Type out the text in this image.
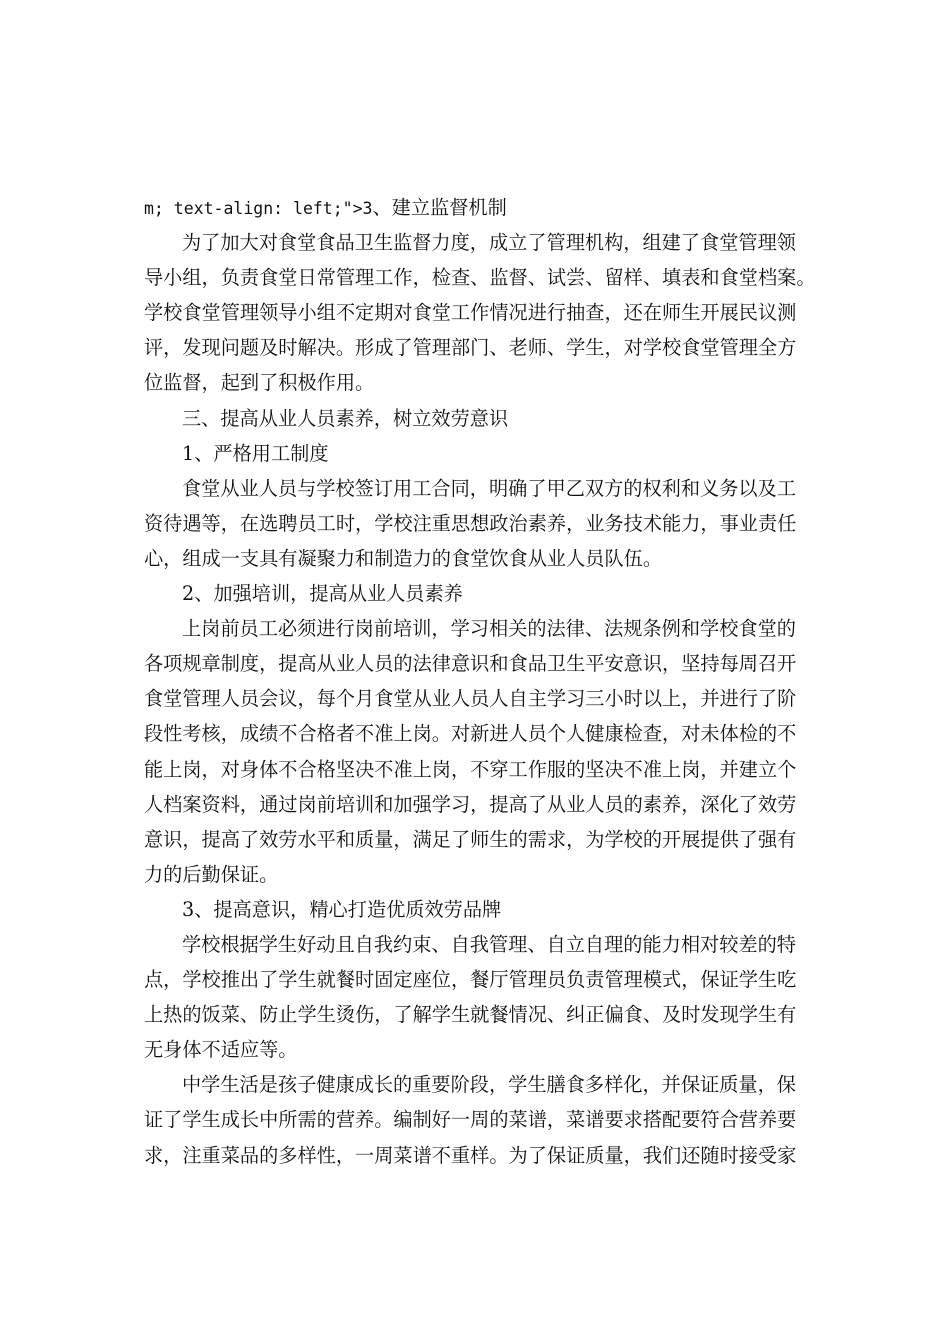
m; text-align: left;">3、建立监督机制
为了加大对食堂食品卫生监督力度，成立了管理机构，组建了食堂管理领
导小组，负责食堂日常管理工作，检查、监督、试尝、留样、填表和食堂档案。
学校食堂管理领导小组不定期对食堂工作情况进行抽查，还在师生开展民议测
评，发现问题及时解决。形成了管理部门、老师、学生，对学校食堂管理全方
位监督，起到了积极作用。
三、提高从业人员素养，树立效劳意识
1、严格用工制度
食堂从业人员与学校签订用工合同，明确了甲乙双方的权利和义务以及工
资待遇等，在选聘员工时，学校注重思想政治素养，业务技术能力，事业责任
心，组成一支具有凝聚力和制造力的食堂饮食从业人员队伍。
2、加强培训，提高从业人员素养
上岗前员工必须进行岗前培训，学习相关的法律、法规条例和学校食堂的
各项规章制度，提高从业人员的法律意识和食品卫生平安意识，坚持每周召开
食堂管理人员会议，每个月食堂从业人员人自主学习三小时以上，并进行了阶
段性考核，成绩不合格者不准上岗。对新进人员个人健康检查，对未体检的不
能上岗，对身体不合格坚决不准上岗，不穿工作服的坚决不准上岗，并建立个
人档案资料，通过岗前培训和加强学习，提高了从业人员的素养，深化了效劳
意识，提高了效劳水平和质量，满足了师生的需求，为学校的开展提供了强有
力的后勤保证。
3、提高意识，精心打造优质效劳品牌
学校根据学生好动且自我约束、自我管理、自立自理的能力相对较差的特
点，学校推出了学生就餐时固定座位，餐厅管理员负责管理模式，保证学生吃
上热的饭菜、防止学生烫伤，了解学生就餐情况、纠正偏食、及时发现学生有
无身体不适应等。
中学生活是孩子健康成长的重要阶段，学生膳食多样化，并保证质量，保
证了学生成长中所需的营养。编制好一周的菜谱，菜谱要求搭配要符合营养要
求，注重菜品的多样性，一周菜谱不重样。为了保证质量，我们还随时接受家
